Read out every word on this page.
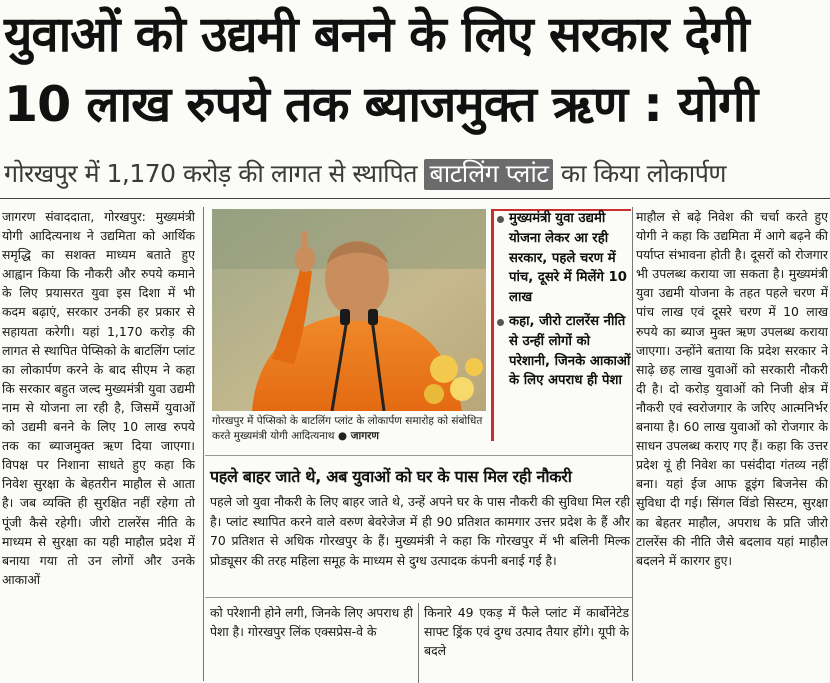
युवाओं को उद्यमी बनने के लिए सरकार देगी
10 लाख रुपये तक ब्याजमुक्त ऋण : योगी
गोरखपुर में 1,170 करोड़ की लागत से स्थापित बाटलिंग प्लांट का किया लोकार्पण

जागरण संवाददाता, गोरखपुर: मुख्यमंत्री योगी आदित्यनाथ ने उद्यमिता को आर्थिक समृद्धि का सशक्त माध्यम बताते हुए आह्वान किया कि नौकरी और रुपये कमाने के लिए प्रयासरत युवा इस दिशा में भी कदम बढ़ाएं, सरकार उनकी हर प्रकार से सहायता करेगी। यहां 1,170 करोड़ की लागत से स्थापित पेप्सिको के बाटलिंग प्लांट का लोकार्पण करने के बाद सीएम ने कहा कि सरकार बहुत जल्द मुख्यमंत्री युवा उद्यमी नाम से योजना ला रही है, जिसमें युवाओं को उद्यमी बनने के लिए 10 लाख रुपये तक का ब्याजमुक्त ऋण दिया जाएगा। विपक्ष पर निशाना साधते हुए कहा कि निवेश सुरक्षा के बेहतरीन माहौल से आता है। जब व्यक्ति ही सुरक्षित नहीं रहेगा तो पूंजी कैसे रहेगी। जीरो टालरेंस नीति के माध्यम से सुरक्षा का यही माहौल प्रदेश में बनाया गया तो उन लोगों और उनके आकाओं

गोरखपुर में पेप्सिको के बाटलिंग प्लांट के लोकार्पण समारोह को संबोधित करते मुख्यमंत्री योगी आदित्यनाथ ● जागरण
मुख्यमंत्री युवा उद्यमी योजना लेकर आ रही सरकार, पहले चरण में पांच, दूसरे में मिलेंगे 10 लाख
कहा, जीरो टालरेंस नीति से उन्हीं लोगों को परेशानी, जिनके आकाओं के लिए अपराध ही पेशा
पहले बाहर जाते थे, अब युवाओं को घर के पास मिल रही नौकरी
पहले जो युवा नौकरी के लिए बाहर जाते थे, उन्हें अपने घर के पास नौकरी की सुविधा मिल रही है। प्लांट स्थापित करने वाले वरुण बेवरेजेज में ही 90 प्रतिशत कामगार उत्तर प्रदेश के हैं और 70 प्रतिशत से अधिक गोरखपुर के हैं। मुख्यमंत्री ने कहा कि गोरखपुर में भी बलिनी मिल्क प्रोड्यूसर की तरह महिला समूह के माध्यम से दुग्ध उत्पादक कंपनी बनाई गई है।

को परेशानी होने लगी, जिनके लिए अपराध ही पेशा है। गोरखपुर लिंक एक्सप्रेस-वे के

किनारे 49 एकड़ में फैले प्लांट में कार्बोनेटेड साफ्ट ड्रिंक एवं दुग्ध उत्पाद तैयार होंगे। यूपी के बदले

माहौल से बढ़े निवेश की चर्चा करते हुए योगी ने कहा कि उद्यमिता में आगे बढ़ने की पर्याप्त संभावना होती है। दूसरों को रोजगार भी उपलब्ध कराया जा सकता है। मुख्यमंत्री युवा उद्यमी योजना के तहत पहले चरण में पांच लाख एवं दूसरे चरण में 10 लाख रुपये का ब्याज मुक्त ऋण उपलब्ध कराया जाएगा। उन्होंने बताया कि प्रदेश सरकार ने साढ़े छह लाख युवाओं को सरकारी नौकरी दी है। दो करोड़ युवाओं को निजी क्षेत्र में नौकरी एवं स्वरोजगार के जरिए आत्मनिर्भर बनाया है। 60 लाख युवाओं को रोजगार के साधन उपलब्ध कराए गए हैं। कहा कि उत्तर प्रदेश यूं ही निवेश का पसंदीदा गंतव्य नहीं बना। यहां ईज आफ डूइंग बिजनेस की सुविधा दी गई। सिंगल विंडो सिस्टम, सुरक्षा का बेहतर माहौल, अपराध के प्रति जीरो टालरेंस की नीति जैसे बदलाव यहां माहौल बदलने में कारगर हुए।
